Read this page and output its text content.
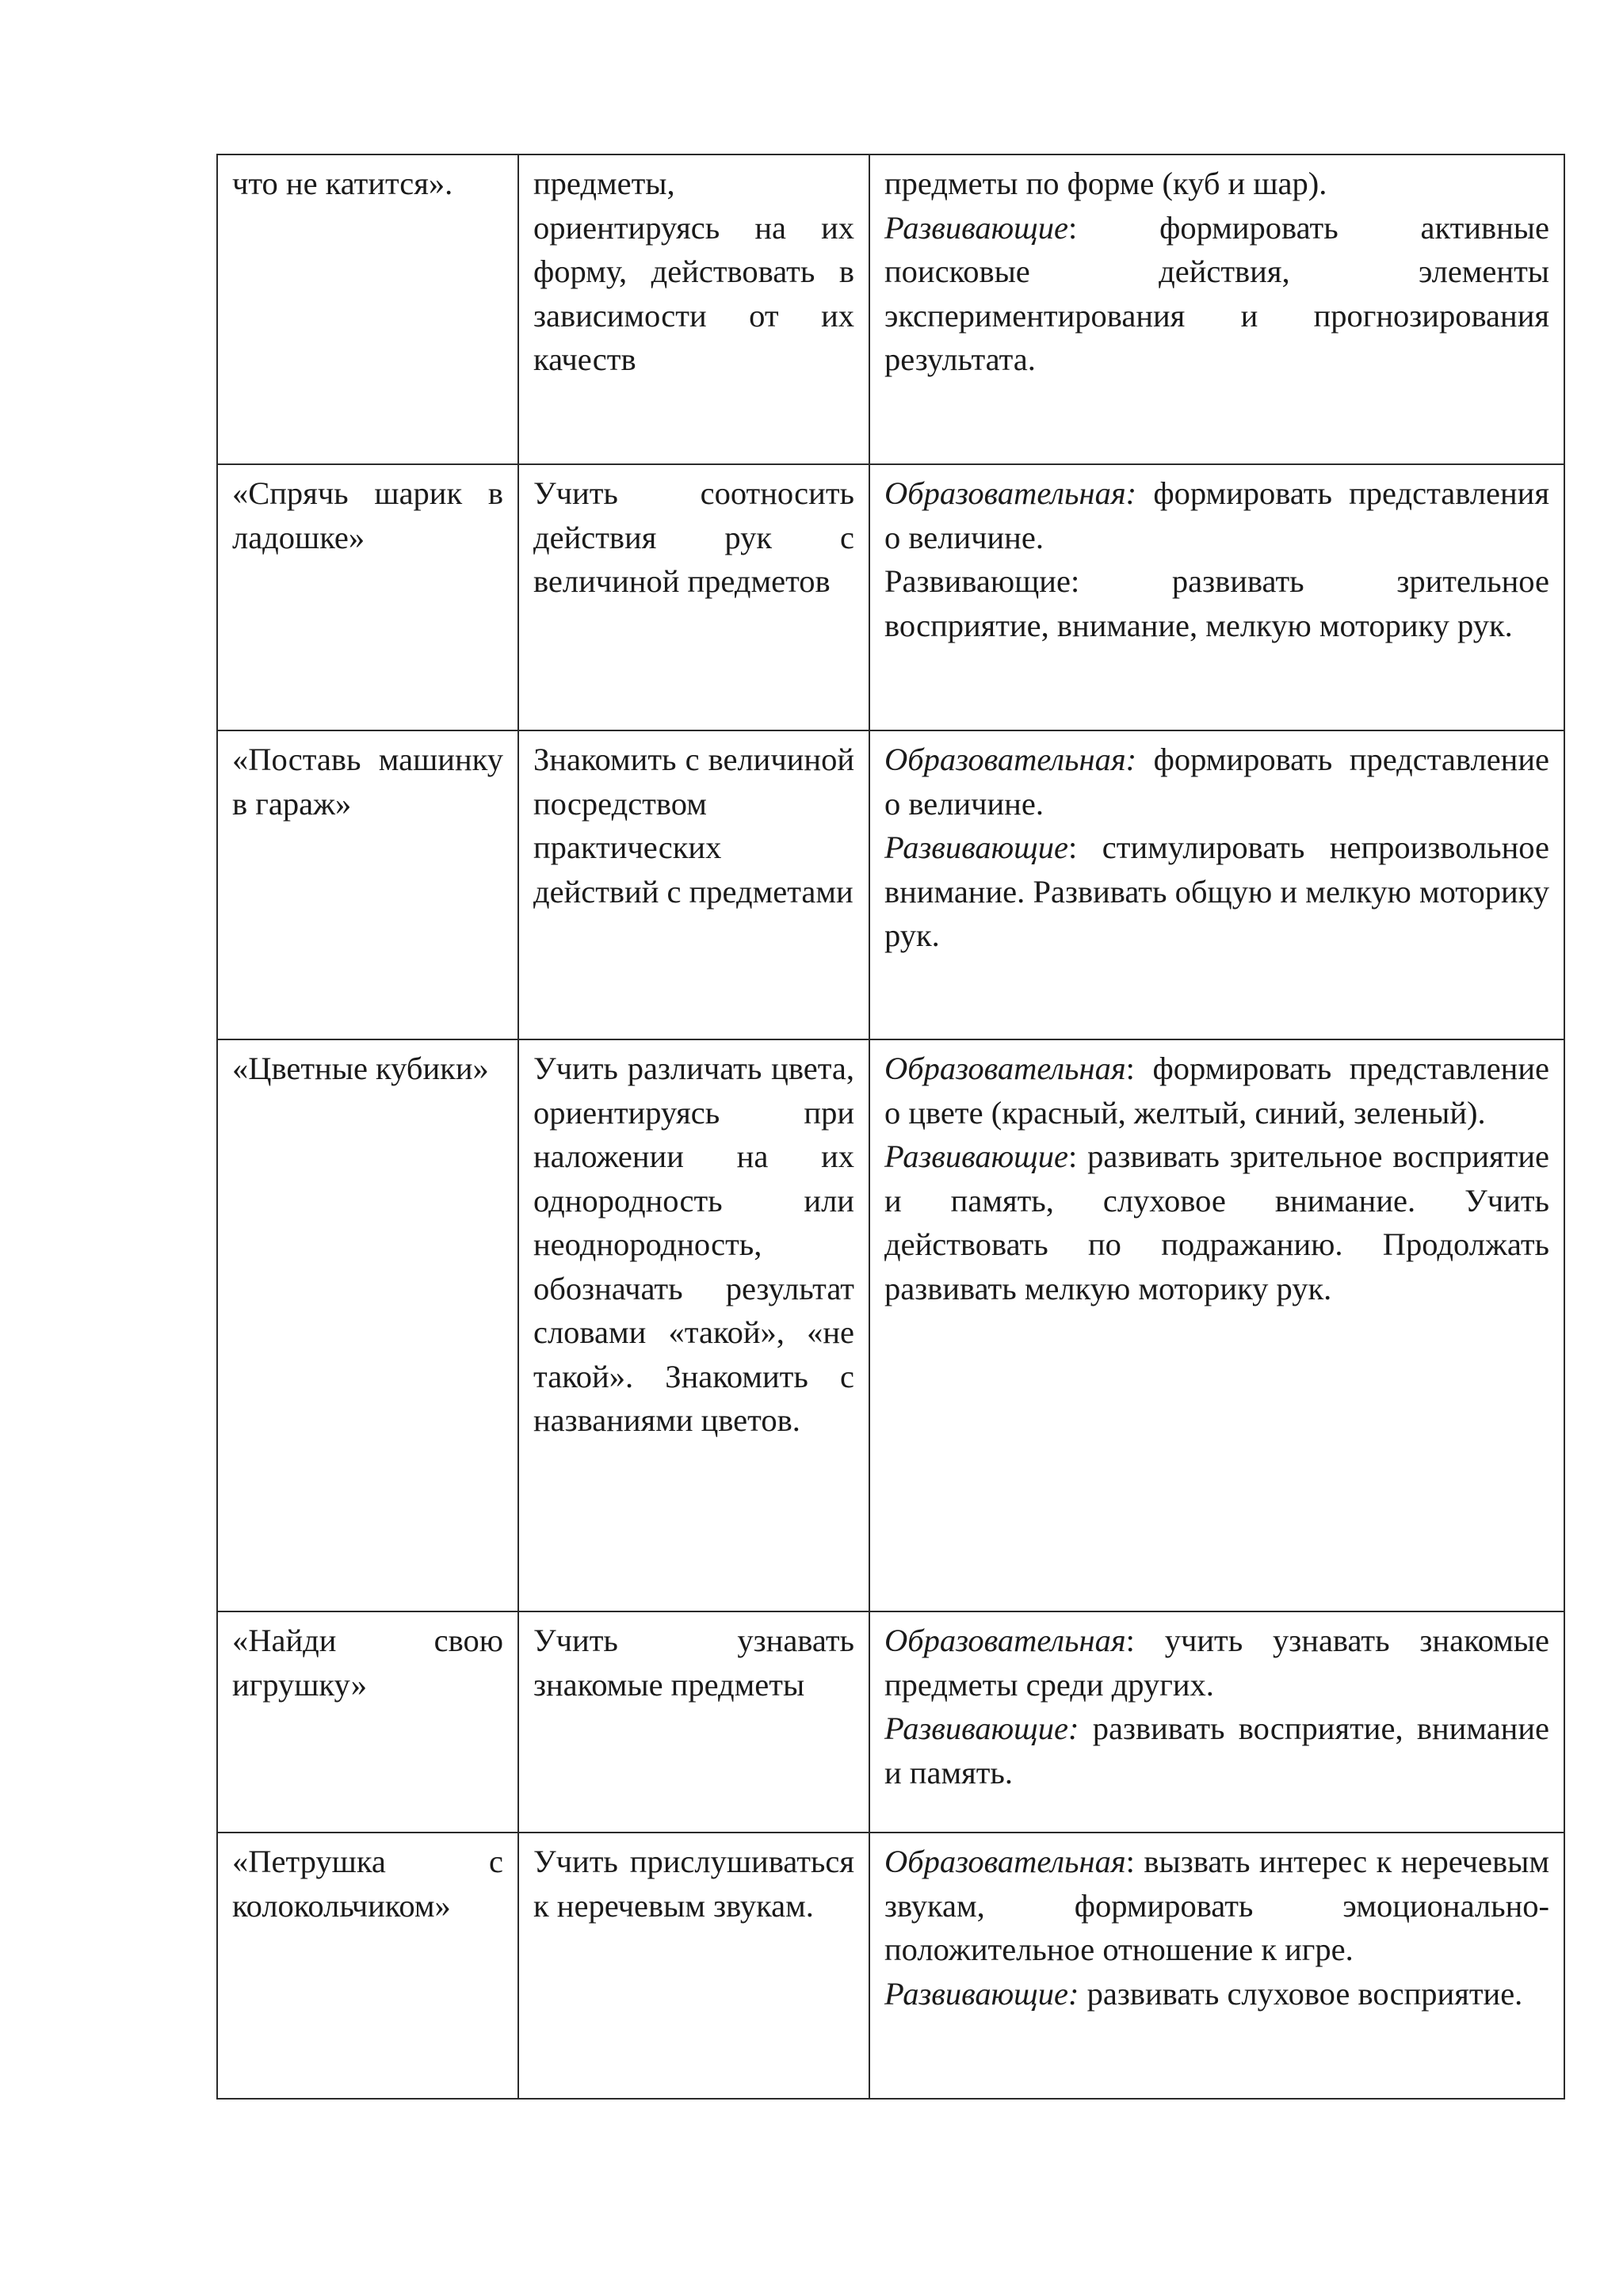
что не катится».	предметы, ориентируясь на их форму, действовать в зависимости от их качеств	предметы по форме (куб и шар).
Развивающие: формировать активные поисковые действия, элементы экспериментирования и прогнозирования результата.

«Спрячь шарик в ладошке»	Учить соотносить действия рук с величиной предметов	Образовательная: формировать представления о величине.
Развивающие: развивать зрительное восприятие, внимание, мелкую моторику рук.

«Поставь машинку в гараж»	Знакомить с величиной посредством практических действий с предметами	Образовательная: формировать представление о величине.
Развивающие: стимулировать непроизвольное внимание. Развивать общую и мелкую моторику рук.

«Цветные кубики»	Учить различать цвета, ориентируясь при наложении на их однородность или неоднородность, обозначать результат словами «такой», «не такой». Знакомить с названиями цветов.	Образовательная: формировать представление о цвете (красный, желтый, синий, зеленый).
Развивающие: развивать зрительное восприятие и память, слуховое внимание. Учить действовать по подражанию. Продолжать развивать мелкую моторику рук.

«Найди свою игрушку»	Учить узнавать знакомые предметы	Образовательная: учить узнавать знакомые предметы среди других.
Развивающие: развивать восприятие, внимание и память.

«Петрушка с колокольчиком»	Учить прислушиваться к неречевым звукам.	Образовательная: вызвать интерес к неречевым звукам, формировать эмоционально-положительное отношение к игре.
Развивающие: развивать слуховое восприятие.
